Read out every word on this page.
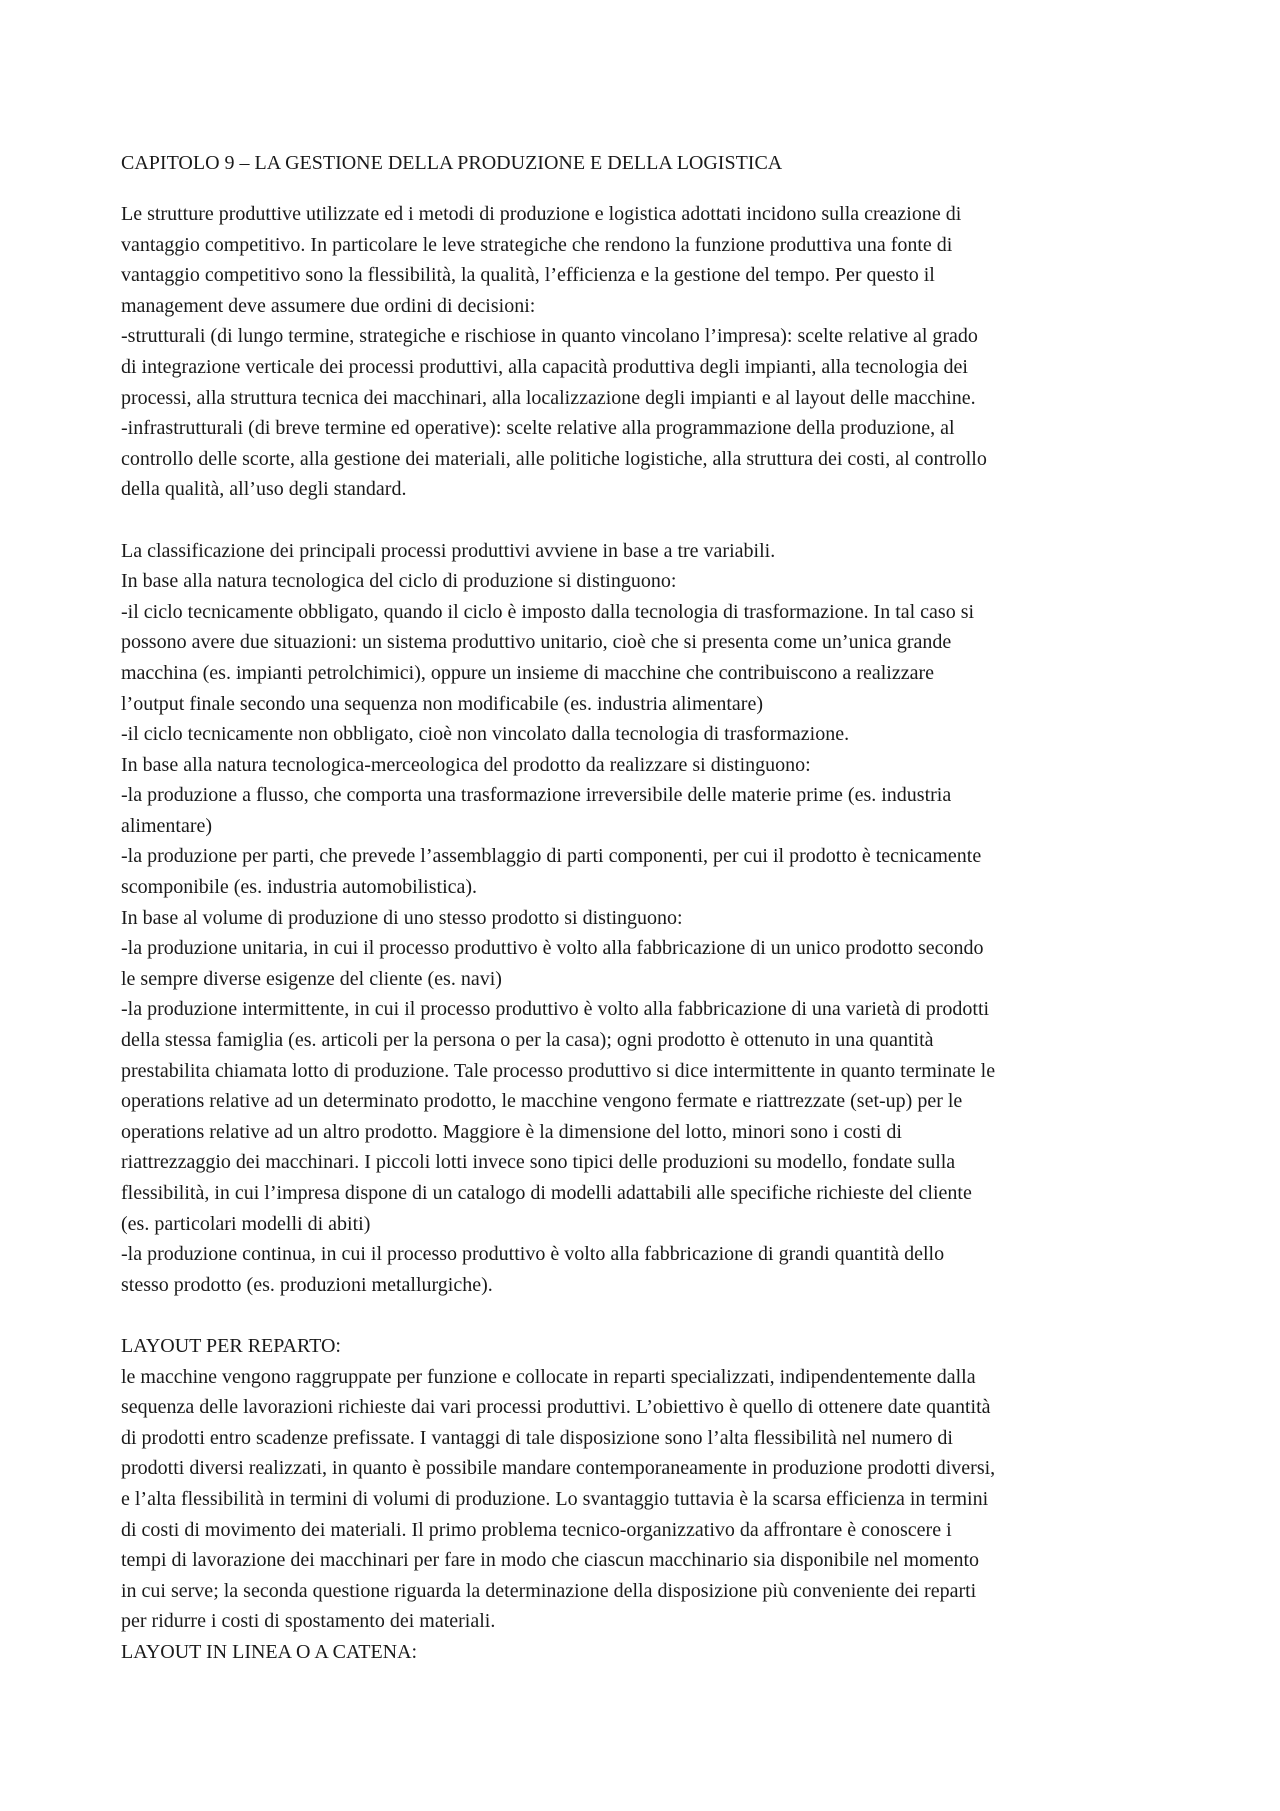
CAPITOLO 9 – LA GESTIONE DELLA PRODUZIONE E DELLA LOGISTICA
Le strutture produttive utilizzate ed i metodi di produzione e logistica adottati incidono sulla creazione di
vantaggio competitivo. In particolare le leve strategiche che rendono la funzione produttiva una fonte di
vantaggio competitivo sono la flessibilità, la qualità, l’efficienza e la gestione del tempo. Per questo il
management deve assumere due ordini di decisioni:
-strutturali (di lungo termine, strategiche e rischiose in quanto vincolano l’impresa): scelte relative al grado
di integrazione verticale dei processi produttivi, alla capacità produttiva degli impianti, alla tecnologia dei
processi, alla struttura tecnica dei macchinari, alla localizzazione degli impianti e al layout delle macchine.
-infrastrutturali (di breve termine ed operative): scelte relative alla programmazione della produzione, al
controllo delle scorte, alla gestione dei materiali, alle politiche logistiche, alla struttura dei costi, al controllo
della qualità, all’uso degli standard.
La classificazione dei principali processi produttivi avviene in base a tre variabili.
In base alla natura tecnologica del ciclo di produzione si distinguono:
-il ciclo tecnicamente obbligato, quando il ciclo è imposto dalla tecnologia di trasformazione. In tal caso si
possono avere due situazioni: un sistema produttivo unitario, cioè che si presenta come un’unica grande
macchina (es. impianti petrolchimici), oppure un insieme di macchine che contribuiscono a realizzare
l’output finale secondo una sequenza non modificabile (es. industria alimentare)
-il ciclo tecnicamente non obbligato, cioè non vincolato dalla tecnologia di trasformazione.
In base alla natura tecnologica-merceologica del prodotto da realizzare si distinguono:
-la produzione a flusso, che comporta una trasformazione irreversibile delle materie prime (es. industria
alimentare)
-la produzione per parti, che prevede l’assemblaggio di parti componenti, per cui il prodotto è tecnicamente
scomponibile (es. industria automobilistica).
In base al volume di produzione di uno stesso prodotto si distinguono:
-la produzione unitaria, in cui il processo produttivo è volto alla fabbricazione di un unico prodotto secondo
le sempre diverse esigenze del cliente (es. navi)
-la produzione intermittente, in cui il processo produttivo è volto alla fabbricazione di una varietà di prodotti
della stessa famiglia (es. articoli per la persona o per la casa); ogni prodotto è ottenuto in una quantità
prestabilita chiamata lotto di produzione. Tale processo produttivo si dice intermittente in quanto terminate le
operations relative ad un determinato prodotto, le macchine vengono fermate e riattrezzate (set-up) per le
operations relative ad un altro prodotto. Maggiore è la dimensione del lotto, minori sono i costi di
riattrezzaggio dei macchinari. I piccoli lotti invece sono tipici delle produzioni su modello, fondate sulla
flessibilità, in cui l’impresa dispone di un catalogo di modelli adattabili alle specifiche richieste del cliente
(es. particolari modelli di abiti)
-la produzione continua, in cui il processo produttivo è volto alla fabbricazione di grandi quantità dello
stesso prodotto (es. produzioni metallurgiche).
LAYOUT PER REPARTO:
le macchine vengono raggruppate per funzione e collocate in reparti specializzati, indipendentemente dalla
sequenza delle lavorazioni richieste dai vari processi produttivi. L’obiettivo è quello di ottenere date quantità
di prodotti entro scadenze prefissate. I vantaggi di tale disposizione sono l’alta flessibilità nel numero di
prodotti diversi realizzati, in quanto è possibile mandare contemporaneamente in produzione prodotti diversi,
e l’alta flessibilità in termini di volumi di produzione. Lo svantaggio tuttavia è la scarsa efficienza in termini
di costi di movimento dei materiali. Il primo problema tecnico-organizzativo da affrontare è conoscere i
tempi di lavorazione dei macchinari per fare in modo che ciascun macchinario sia disponibile nel momento
in cui serve; la seconda questione riguarda la determinazione della disposizione più conveniente dei reparti
per ridurre i costi di spostamento dei materiali.
LAYOUT IN LINEA O A CATENA:
